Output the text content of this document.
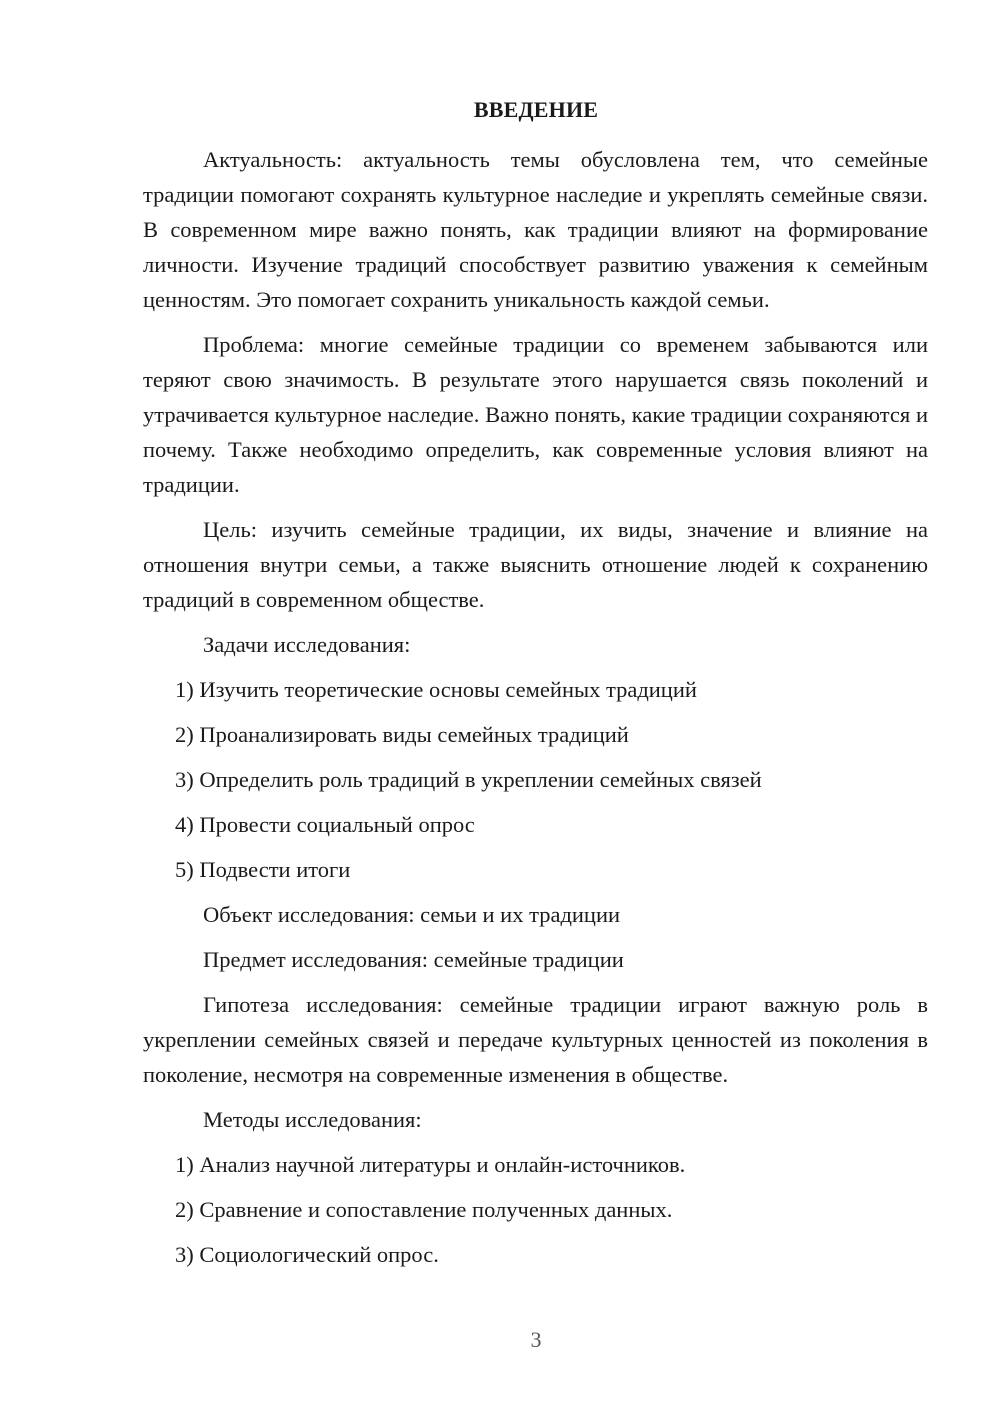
ВВЕДЕНИЕ

Актуальность: актуальность темы обусловлена тем, что семейные традиции помогают сохранять культурное наследие и укреплять семейные связи. В современном мире важно понять, как традиции влияют на формирование личности. Изучение традиций способствует развитию уважения к семейным ценностям. Это помогает сохранить уникальность каждой семьи.

Проблема: многие семейные традиции со временем забываются или теряют свою значимость. В результате этого нарушается связь поколений и утрачивается культурное наследие. Важно понять, какие традиции сохраняются и почему. Также необходимо определить, как современные условия влияют на традиции.

Цель: изучить семейные традиции, их виды, значение и влияние на отношения внутри семьи, а также выяснить отношение людей к сохранению традиций в современном обществе.

Задачи исследования:

1) Изучить теоретические основы семейных традиций
2) Проанализировать виды семейных традиций
3) Определить роль традиций в укреплении семейных связей
4) Провести социальный опрос
5) Подвести итоги

Объект исследования: семьи и их традиции

Предмет исследования: семейные традиции

Гипотеза исследования: семейные традиции играют важную роль в укреплении семейных связей и передаче культурных ценностей из поколения в поколение, несмотря на современные изменения в обществе.

Методы исследования:

1) Анализ научной литературы и онлайн-источников.
2) Сравнение и сопоставление полученных данных.
3) Социологический опрос.
3
